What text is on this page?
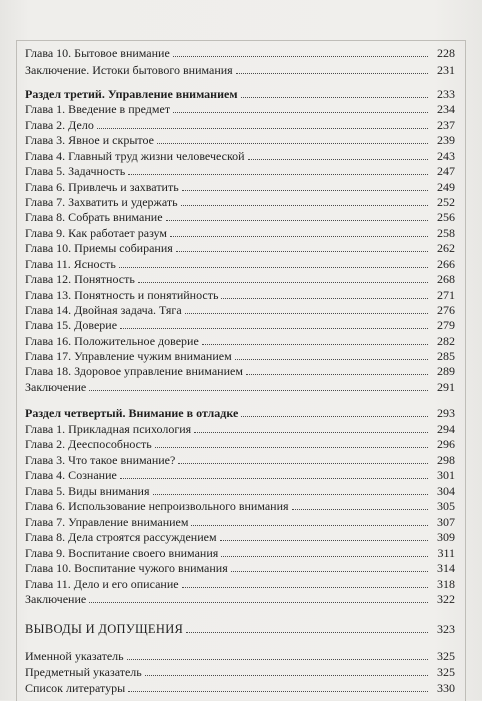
Глава 10. Бытовое внимание	228
Заключение. Истоки бытового внимания	231
Раздел третий. Управление вниманием	233
Глава 1. Введение в предмет	234
Глава 2. Дело	237
Глава 3. Явное и скрытое	239
Глава 4. Главный труд жизни человеческой	243
Глава 5. Задачность	247
Глава 6. Привлечь и захватить	249
Глава 7. Захватить и удержать	252
Глава 8. Собрать внимание	256
Глава 9. Как работает разум	258
Глава 10. Приемы собирания	262
Глава 11. Ясность	266
Глава 12. Понятность	268
Глава 13. Понятность и понятийность	271
Глава 14. Двойная задача. Тяга	276
Глава 15. Доверие	279
Глава 16. Положительное доверие	282
Глава 17. Управление чужим вниманием	285
Глава 18. Здоровое управление вниманием	289
Заключение	291
Раздел четвертый. Внимание в отладке	293
Глава 1. Прикладная психология	294
Глава 2. Дееспособность	296
Глава 3. Что такое внимание?	298
Глава 4. Сознание	301
Глава 5. Виды внимания	304
Глава 6. Использование непроизвольного внимания	305
Глава 7. Управление вниманием	307
Глава 8. Дела строятся рассуждением	309
Глава 9. Воспитание своего внимания	311
Глава 10. Воспитание чужого внимания	314
Глава 11. Дело и его описание	318
Заключение	322
ВЫВОДЫ И ДОПУЩЕНИЯ	323
Именной указатель	325
Предметный указатель	325
Список литературы	330
